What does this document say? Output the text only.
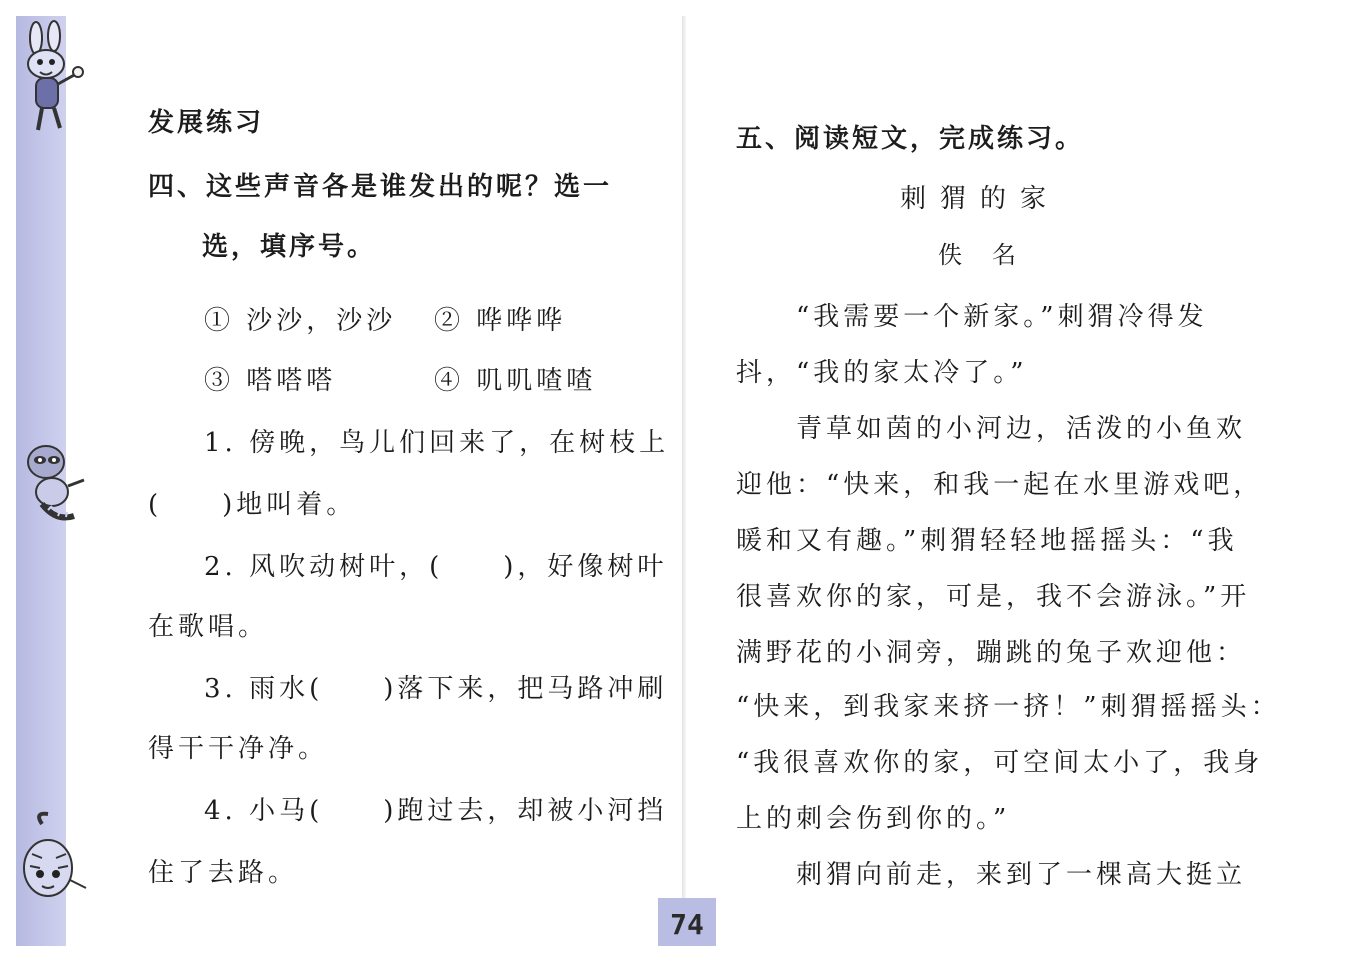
发展练习
四、这些声音各是谁发出的呢？选一
选，填序号。
① 沙沙，沙沙 ② 哗哗哗
③ 嗒嗒嗒	④ 叽叽喳喳
1. 傍晚，鸟儿们回来了，在树枝上
(　　)地叫着。
2. 风吹动树叶，(　　)，好像树叶
在歌唱。
3. 雨水(　　)落下来，把马路冲刷
得干干净净。
4. 小马(　　)跑过去，却被小河挡
住了去路。
五、阅读短文，完成练习。
刺猬的家
佚名
“我需要一个新家。”刺猬冷得发
抖，“我的家太冷了。”
青草如茵的小河边，活泼的小鱼欢
迎他：“快来，和我一起在水里游戏吧，
暖和又有趣。”刺猬轻轻地摇摇头：“我
很喜欢你的家，可是，我不会游泳。”开
满野花的小洞旁，蹦跳的兔子欢迎他：
“快来，到我家来挤一挤！”刺猬摇摇头：
“我很喜欢你的家，可空间太小了，我身
上的刺会伤到你的。”
刺猬向前走，来到了一棵高大挺立
74
